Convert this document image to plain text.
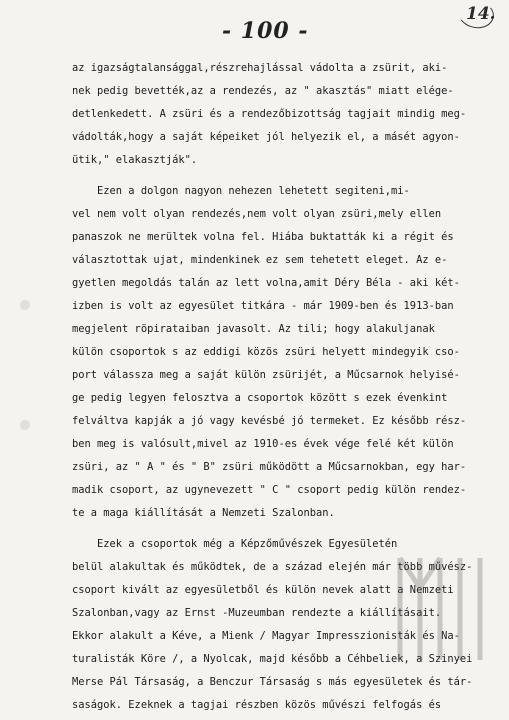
14.
- 100 -
az igazságtalansággal,részrehajlással vádolta a zsürit, aki-
nek pedig bevették,az a rendezés, az " akasztás" miatt elége-
detlenkedett. A zsüri és a rendezőbizottság tagjait mindig meg-
vádolták,hogy a saját képeiket jól helyezik el, a másét agyon-
ütik," elakasztják".
Ezen a dolgon nagyon nehezen lehetett segiteni,mi-
vel nem volt olyan rendezés,nem volt olyan zsüri,mely ellen
panaszok ne merültek volna fel. Hiába buktatták ki a régit és
választottak ujat, mindenkinek ez sem tehetett eleget. Az e-
gyetlen megoldás talán az lett volna,amit Déry Béla - aki két-
izben is volt az egyesület titkára - már 1909-ben és 1913-ban
megjelent röpirataiban javasolt. Az tili; hogy alakuljanak
külön csoportok s az eddigi közös zsüri helyett mindegyik cso-
port válassza meg a saját külön zsürijét, a Műcsarnok helyisé-
ge pedig legyen felosztva a csoportok között s ezek évenkint
felváltva kapják a jó vagy kevésbé jó termeket. Ez később rész-
ben meg is valósult,mivel az 1910-es évek vége felé két külön
zsüri, az " A " és " B" zsüri működött a Műcsarnokban, egy har-
madik csoport, az ugynevezett " C " csoport pedig külön rendez-
te a maga kiállítását a Nemzeti Szalonban.
Ezek a csoportok még a Képzőművészek Egyesületén
belül alakultak és működtek, de a század elején már több művész-
csoport kivált az egyesületből és külön nevek alatt a Nemzeti
Szalonban,vagy az Ernst -Muzeumban rendezte a kiállításait.
Ekkor alakult a Kéve, a Mienk / Magyar Impresszionisták és Na-
turalisták Köre /, a Nyolcak, majd később a Céhbeliek, a Szinyei
Merse Pál Társaság, a Benczur Társaság s más egyesületek és tár-
saságok. Ezeknek a tagjai részben közös művészi felfogás és
